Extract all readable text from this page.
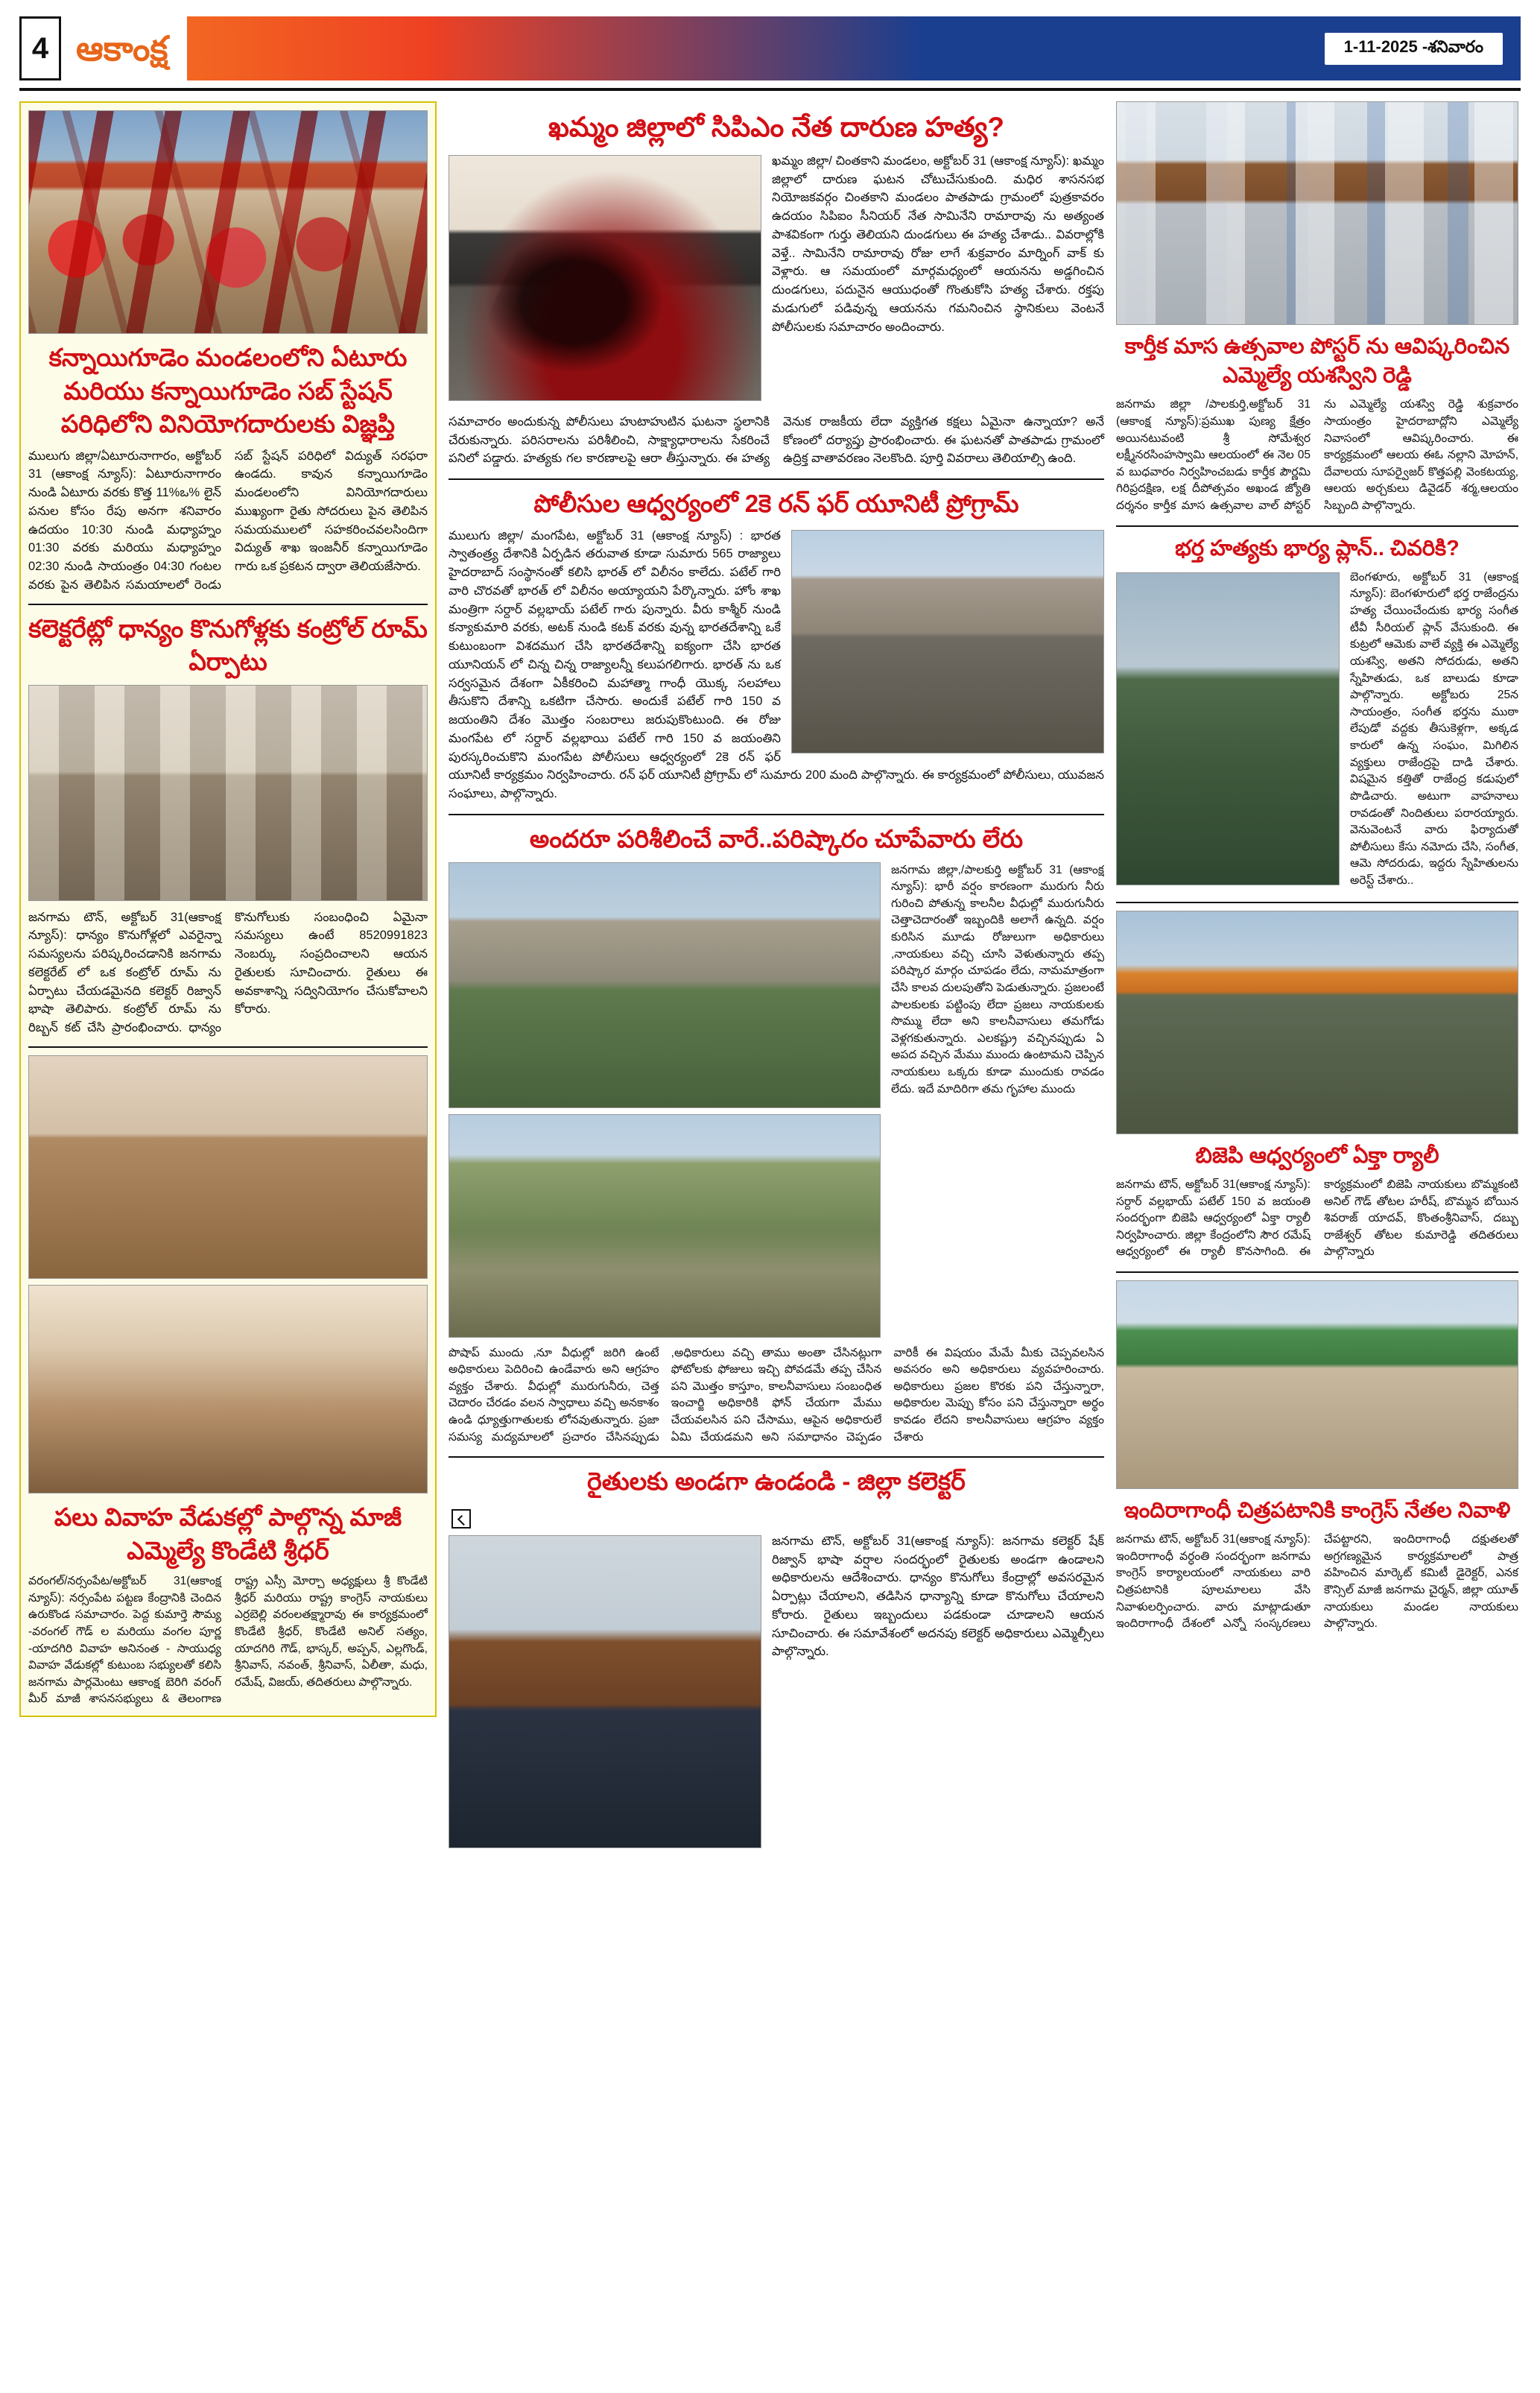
4 ఆకాంక్ష	1-11-2025 -శనివారం
కన్నాయిగూడెం మండలంలోని ఏటూరు మరియు కన్నాయిగూడెం సబ్ స్టేషన్ పరిధిలోని వినియోగదారులకు విజ్ఞప్తి
ములుగు జిల్లా/ఏటూరునాగారం, అక్టోబర్ 31 (ఆకాంక్ష న్యూస్): ఏటూరునాగారం నుండి ఏటూరు వరకు కొత్త 11%ఒ% లైన్ పనుల కోసం రేపు అనగా శనివారం ఉదయం 10:30 నుండి మధ్యాహ్నం 01:30 వరకు మరియు మధ్యాహ్నం 02:30 నుండి సాయంత్రం 04:30 గంటల వరకు పైన తెలిపిన సమయాలలో రెండు సబ్ స్టేషన్ పరిధిలో విద్యుత్ సరఫరా ఉండదు. కావున కన్నాయిగూడెం మండలంలోని వినియోగదారులు ముఖ్యంగా రైతు సోదరులు పైన తెలిపిన సమయములలో సహకరించవలసిందిగా విద్యుత్ శాఖ ఇంజనీర్ కన్నాయిగూడెం గారు ఒక ప్రకటన ద్వారా తెలియజేసారు.
కలెక్టరేట్లో ధాన్యం కొనుగోళ్లకు కంట్రోల్ రూమ్ ఏర్పాటు
జనగామ టౌన్, అక్టోబర్ 31(ఆకాంక్ష న్యూస్): ధాన్యం కొనుగోళ్లలో ఎవరైన్నా సమస్యలను పరిష్కరించడానికి జనగామ కలెక్టరేట్ లో ఒక కంట్రోల్ రూమ్ ను ఏర్పాటు చేయడమైనది కలెక్టర్ రిజ్వాన్ భాషా తెలిపారు. కంట్రోల్ రూమ్ ను రిబ్బన్ కట్ చేసి ప్రారంభించారు. ధాన్యం కొనుగోలుకు సంబంధించి ఏమైనా సమస్యలు ఉంటే 8520991823 నెంబర్కు సంప్రదించాలని ఆయన రైతులకు సూచించారు. రైతులు ఈ అవకాశాన్ని సద్వినియోగం చేసుకోవాలని కోరారు.
పలు వివాహ వేడుకల్లో పాల్గొన్న మాజీ ఎమ్మెల్యే కొండేటి శ్రీధర్
వరంగల్/నర్సంపేట/అక్టోబర్ 31(ఆకాంక్ష న్యూస్): నర్సంపేట పట్టణ కేంద్రానికి చెందిన ఉరుకొండ సమాచారం. పెద్ద కుమార్తె సౌమ్య -వరంగల్ గౌడ్ ల మరియు వంగల పూర్ణ -యాదగిరి వివాహ అనినంత - సాయుధ్య వివాహ వేడుకల్లో కుటుంబ సభ్యులతో కలిసి జనగామ పార్లమెంటు ఆకాంక్ష బెరిగి వరంగ్ మీర్ మాజీ శాసనసభ్యులు & తెలంగాణ రాష్ట్ర ఎస్సీ మోర్చా అధ్యక్షులు శ్రీ కొండేటి శ్రీధర్ మరియు రాష్ట్ర కాంగ్రెస్ నాయకులు ఎర్రబెల్లి వరంలతక్ష్మారావు ఈ కార్యక్రమంలో కొండేటి శ్రీధర్, కొండేటి అనిల్ సత్యం, యాదగిరి గౌడ్, భాస్కర్, అప్పన్, ఎల్లగొండ్, శ్రీనివాస్, నవంత్, శ్రీనివాస్, ఏలీతా, మధు, రమేష్, విజయ్, తదితరులు పాల్గొన్నారు.
ఖమ్మం జిల్లాలో సిపిఎం నేత దారుణ హత్య?
ఖమ్మం జిల్లా/ చింతకాని మండలం, అక్టోబర్ 31 (ఆకాంక్ష న్యూస్): ఖమ్మం జిల్లాలో దారుణ ఘటన చోటుచేసుకుంది. మధిర శాసనసభ నియోజకవర్గం చింతకాని మండలం పాతపాడు గ్రామంలో పుత్రకావరం ఉదయం సిపిఐం సీనియర్ నేత సామినేని రామారావు ను అత్యంత పాశవికంగా గుర్తు తెలియని దుండగులు ఈ హత్య చేశాడు.. వివరాల్లోకి వెళ్తే.. సామినేని రామారావు రోజు లాగే శుక్రవారం మార్నింగ్ వాక్ కు వెళ్లారు. ఆ సమయంలో మార్గమధ్యంలో ఆయనను అడ్డగించిన దుండగులు, పదునైన ఆయుధంతో గొంతుకోసి హత్య చేశారు. రక్తపు మడుగులో పడివున్న ఆయనను గమనించిన స్థానికులు వెంటనే పోలీసులకు సమాచారం అందించారు.
సమాచారం అందుకున్న పోలీసులు హుటాహుటిన ఘటనా స్థలానికి చేరుకున్నారు. పరిసరాలను పరిశీలించి, సాక్ష్యాధారాలను సేకరించే పనిలో పడ్డారు. హత్యకు గల కారణాలపై ఆరా తీస్తున్నారు. ఈ హత్య వెనుక రాజకీయ లేదా వ్యక్తిగత కక్షలు ఏమైనా ఉన్నాయా? అనే కోణంలో దర్యాప్తు ప్రారంభించారు. ఈ ఘటనతో పాతపాడు గ్రామంలో ఉద్రిక్త వాతావరణం నెలకొంది. పూర్తి వివరాలు తెలియాల్సి ఉంది.
పోలీసుల ఆధ్వర్యంలో 2కె రన్ ఫర్ యూనిటీ ప్రోగ్రామ్
ములుగు జిల్లా/ మంగపేట, అక్టోబర్ 31 (ఆకాంక్ష న్యూస్) : భారత స్వాతంత్ర్య దేశానికి ఏర్పడిన తరువాత కూడా సుమారు 565 రాజ్యాలు హైదరాబాద్ సంస్థానంతో కలిసి భారత్ లో విలీనం కాలేదు. పటేల్ గారి వారి చొరవతో భారత్ లో విలీనం అయ్యాయని పేర్కొన్నారు. హోం శాఖ మంత్రిగా సర్దార్ వల్లభాయ్ పటేల్ గారు పున్నారు. వీరు కాశ్మీర్ నుండి కన్యాకుమారి వరకు, అటక్ నుండి కటక్ వరకు వున్న భారతదేశాన్ని ఒకే కుటుంబంగా విశదముగ చేసి భారతదేశాన్ని ఐక్యంగా చేసి భారత యూనియన్ లో చిన్న చిన్న రాజ్యాలన్నీ కలుపగలిగారు. భారత్ ను ఒక సర్వసమైన దేశంగా ఏకీకరించి మహాత్మా గాంధీ యొక్క సలహాలు తీసుకొని దేశాన్ని ఒకటిగా చేసారు. అందుకే పటేల్ గారి 150 వ జయంతిని దేశం మొత్తం సంబరాలు జరుపుకొంటుంది. ఈ రోజు మంగపేట లో సర్దార్ వల్లభాయి పటేల్ గారి 150 వ జయంతిని పురస్కరించుకొని మంగపేట పోలీసులు ఆధ్వర్యంలో 2కె రన్ ఫర్ యూనిటీ కార్యక్రమం నిర్వహించారు. రన్ ఫర్ యూనిటీ ప్రోగ్రామ్ లో సుమారు 200 మంది పాల్గొన్నారు. ఈ కార్యక్రమంలో పోలీసులు, యువజన సంఘాలు, పాల్గొన్నారు.
అందరూ పరిశీలించే వారే..పరిష్కారం చూపేవారు లేరు
జనగామ జిల్లా,/పాలకుర్తి అక్టోబర్ 31 (ఆకాంక్ష న్యూస్): భారీ వర్షం కారణంగా మురుగు నీరు గురించి పోతున్న కాలనీల వీధుల్లో మురుగునీరు చెత్తాచెదారంతో ఇబ్బందికి అలాగే ఉన్నది. వర్షం కురిసిన మూడు రోజులుగా అధికారులు ,నాయకులు వచ్చి చూసి వెళుతున్నారు తప్ప పరిష్కార మార్గం చూపడం లేదు, నామమాత్రంగా చేసి కాలవ దులపుతోని పెడుతున్నారు. ప్రజలంటే పాలకులకు పట్టింపు లేదా ప్రజలు నాయకులకు సొమ్ము లేదా అని కాలనీవాసులు తమగోడు వెళ్లగకుతున్నారు. ఎలకష్ట్రు వచ్చినప్పుడు ఏ అపద వచ్చిన మేము ముందు ఉంటామని చెప్పిన నాయకులు ఒక్కరు కూడా ముందుకు రావడం లేదు. ఇదే మాదిరిగా తమ గృహాల ముందు
పొషాప్ ముందు ,నూ వీధుల్లో జరిగి ఉంటే అధికారులు పెదిరించి ఉండేవారు అని ఆగ్రహం వ్యక్తం చేశారు. వీధుల్లో మురుగునీరు, చెత్త చెదారం చేరడం వలన స్వాధాలు వచ్చి అనకాశం ఉండి ధ్యూత్తుగాతులకు లోనవుతున్నారు. ప్రజా సమస్య మద్యమాలలో ప్రచారం చేసినప్పుడు ,అధికారులు వచ్చి తాము అంతా చేసినట్లుగా ఫోటోలకు ఫోజులు ఇచ్చి పోవడమే తప్ప చేసిన పని మొత్తం కాస్తూం, కాలనీవాసులు సంబంధిత ఇంచార్జి అధికారికి ఫోన్ చేయగా మేము చేయవలసిన పని చేసాము, ఆపైన అధికారులే ఏమి చేయడమని అని సమాధానం చెప్పడం వారికీ ఈ విషయం మేమే మీకు చెప్పవలసిన అవసరం అని అధికారులు వ్యవహరించారు. అధికారులు ప్రజల కొరకు పని చేస్తున్నారా, అధికారుల మెప్పు కోసం పని చేస్తున్నారా అర్థం కావడం లేదని కాలనీవాసులు ఆగ్రహం వ్యక్తం చేశారు
రైతులకు అండగా ఉండండి - జిల్లా కలెక్టర్
జనగామ టౌన్, అక్టోబర్ 31(ఆకాంక్ష న్యూస్): జనగామ కలెక్టర్ షేక్ రిజ్వాన్ భాషా వర్షాల సందర్భంలో రైతులకు అండగా ఉండాలని అధికారులను ఆదేశించారు. ధాన్యం కొనుగోలు కేంద్రాల్లో అవసరమైన ఏర్పాట్లు చేయాలని, తడిసిన ధాన్యాన్ని కూడా కొనుగోలు చేయాలని కోరారు. రైతులు ఇబ్బందులు పడకుండా చూడాలని ఆయన సూచించారు. ఈ సమావేశంలో అదనపు కలెక్టర్ అధికారులు ఎమ్మెల్సీలు పాల్గొన్నారు.
కార్తీక మాస ఉత్సవాల పోస్టర్ ను ఆవిష్కరించిన ఎమ్మెల్యే యశస్విని రెడ్డి
జనగామ జిల్లా /పాలకుర్తి,అక్టోబర్ 31 (ఆకాంక్ష న్యూస్):ప్రముఖ పుణ్య క్షేత్రం అయినటువంటి శ్రీ సోమేశ్వర లక్ష్మీనరసింహస్వామి ఆలయంలో ఈ నెల 05 వ బుధవారం నిర్వహించబడు కార్తీక పౌర్ణమి గిరిప్రదక్షిణ, లక్ష దీపోత్సవం అఖండ జ్యోతి దర్శనం కార్తీక మాస ఉత్సవాల వాల్ పోస్టర్ ను ఎమ్మెల్యే యశస్వి రెడ్డి శుక్రవారం సాయంత్రం హైదరాబాద్లోని ఎమ్మెల్యే నివాసంలో ఆవిష్కరించారు. ఈ కార్యక్రమంలో ఆలయ ఈఓ నల్లాని మోహన్, దేవాలయ సూపర్వైజర్ కొత్తపల్లి వెంకటయ్య, ఆలయ అర్చకులు డివైడర్ శర్మ,ఆలయం సిబ్బంది పాల్గొన్నారు.
భర్త హత్యకు భార్య ప్లాన్.. చివరికి?
బెంగళూరు, అక్టోబర్ 31 (ఆకాంక్ష న్యూస్): బెంగళూరులో భర్త రాజేంద్రను హత్య చేయించేందుకు భార్య సంగీత టీవీ సీరియల్ ప్లాన్ వేసుకుంది. ఈ కుట్రలో ఆమెకు వాలే వ్యక్తి ఈ ఎమ్మెల్యే యశస్వి, అతని సోదరుడు, అతని స్నేహితుడు, ఒక బాలుడు కూడా పాల్గొన్నారు. అక్టోబరు 25న సాయంత్రం, సంగీత భర్తను ముఠా లేపుడో వద్దకు తీసుకెళ్లగా, అక్కడ కారులో ఉన్న సంఘం, మిగిలిన వ్యక్తులు రాజేంద్రపై దాడి చేశారు. విషమైన కత్తితో రాజేంద్ర కడుపులో పొడిచారు. అటుగా వాహనాలు రావడంతో నిందితులు పరారయ్యారు. వెనువెంటనే వారు ఫిర్యాదుతో పోలీసులు కేసు నమోదు చేసి, సంగీత, ఆమె సోదరుడు, ఇద్దరు స్నేహితులను అరెస్ట్ చేశారు..
బిజెపి ఆధ్వర్యంలో ఏక్తా ర్యాలీ
జనగామ టౌన్, అక్టోబర్ 31(ఆకాంక్ష న్యూస్): సర్దార్ వల్లభాయ్ పటేల్ 150 వ జయంతి సందర్భంగా బిజెపి ఆధ్వర్యంలో ఏక్తా ర్యాలీ నిర్వహించారు. జిల్లా కేంద్రంలోని సౌర రమేష్ ఆధ్వర్యంలో ఈ ర్యాలీ కొనసాగింది. ఈ కార్యక్రమంలో బిజెపి నాయకులు బొమ్మకంటి అనిల్ గౌడ్ తోటల హరీష్, బొమ్మన బోయిన శివరాజ్ యాదవ్, కొంతంశ్రీనివాస్, దబ్బు రాజేశ్వర్ తోటల కుమారెడ్డి తదితరులు పాల్గొన్నారు
ఇందిరాగాంధీ చిత్రపటానికి కాంగ్రెస్ నేతల నివాళి
జనగామ టౌన్, అక్టోబర్ 31(ఆకాంక్ష న్యూస్): ఇందిరాగాంధీ వర్ధంతి సందర్భంగా జనగామ కాంగ్రెస్ కార్యాలయంలో నాయకులు వారి చిత్రపటానికి పూలమాలలు వేసి నివాళులర్పించారు. వారు మాట్లాడుతూ ఇందిరాగాంధీ దేశంలో ఎన్నో సంస్కరణలు చేపట్టారని, ఇందిరాగాంధీ దక్షుతలతో అగ్రగణ్యమైన కార్యక్రమాలలో పాత్ర వహించిన మార్కెట్ కమిటీ డైరెక్టర్, ఎనక కౌన్సిల్ మాజీ జనగామ చైర్మన్, జిల్లా యూత్ నాయకులు మండల నాయకులు పాల్గొన్నారు.
